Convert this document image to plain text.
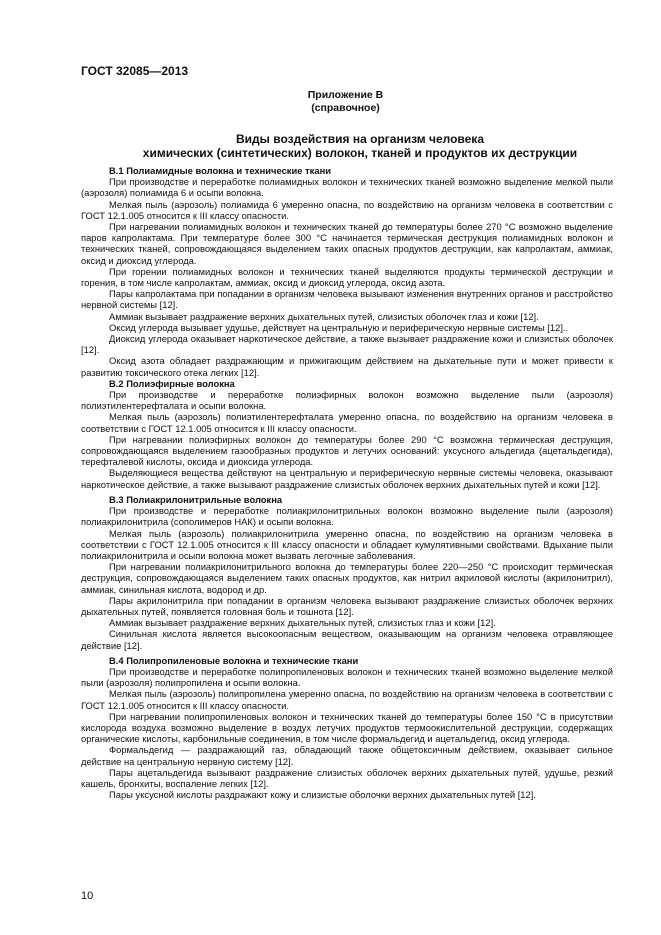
ГОСТ 32085—2013
Приложение В
(справочное)
Виды воздействия на организм человека
химических (синтетических) волокон, тканей и продуктов их деструкции
В.1 Полиамидные волокна и технические ткани

При производстве и переработке полиамидных волокон и технических тканей возможно выделение мелкой пыли (аэрозоля) полиамида 6 и осыпи волокна.

Мелкая пыль (аэрозоль) полиамида 6 умеренно опасна, по воздействию на организм человека в соответствии с ГОСТ 12.1.005 относится к III классу опасности.

При нагревании полиамидных волокон и технических тканей до температуры более 270 °С возможно выделение паров капролактама. При температуре более 300 °С начинается термическая деструкция полиамидных волокон и технических тканей, сопровождающаяся выделением таких опасных продуктов деструкции, как капролактам, аммиак, оксид и диоксид углерода.

При горении полиамидных волокон и технических тканей выделяются продукты термической деструкции и горения, в том числе капролактам, аммиак, оксид и диоксид углерода, оксид азота.

Пары капролактама при попадании в организм человека вызывают изменения внутренних органов и расстройство нервной системы [12].

Аммиак вызывает раздражение верхних дыхательных путей, слизистых оболочек глаз и кожи [12].

Оксид углерода вызывает удушье, действует на центральную и периферическую нервные системы [12]..

Диоксид углерода оказывает наркотическое действие, а также вызывает раздражение кожи и слизистых оболочек [12].

Оксид азота обладает раздражающим и прижигающим действием на дыхательные пути и может привести к развитию токсического отека легких [12].

В.2 Полиэфирные волокна

При производстве и переработке полиэфирных волокон возможно выделение пыли (аэрозоля) полиэтилентерефталата и осыпи волокна.

Мелкая пыль (аэрозоль) полиэтилентерефталата умеренно опасна, по воздействию на организм человека в соответствии с ГОСТ 12.1.005 относится к III классу опасности.

При нагревании полиэфирных волокон до температуры более 290 °С возможна термическая деструкция, сопровождающаяся выделением газообразных продуктов и летучих оснований: уксусного альдегида (ацетальдегида), терефталевой кислоты, оксида и диоксида углерода.

Выделяющиеся вещества действуют на центральную и периферическую нервные системы человека, оказывают наркотическое действие, а также вызывают раздражение слизистых оболочек верхних дыхательных путей и кожи [12].

В.3 Полиакрилонитрильные волокна

При производстве и переработке полиакрилонитрильных волокон возможно выделение пыли (аэрозоля) полиакрилонитрила (сополимеров НАК) и осыпи волокна.

Мелкая пыль (аэрозоль) полиакрилонитрила умеренно опасна, по воздействию на организм человека в соответствии с ГОСТ 12.1.005 относится к III классу опасности и обладает кумулятивными свойствами. Вдыхание пыли полиакрилонитрила и осыпи волокна может вызвать легочные заболевания.

При нагревании полиакрилонитрильного волокна до температуры более 220—250 °С происходит термическая деструкция, сопровождающаяся выделением таких опасных продуктов, как нитрил акриловой кислоты (акрилонитрил), аммиак, синильная кислота, водород и др.

Пары акрилонитрила при попадании в организм человека вызывают раздражение слизистых оболочек верхних дыхательных путей, появляется головная боль и тошнота [12].

Аммиак вызывает раздражение верхних дыхательных путей, слизистых глаз и кожи [12].

Синильная кислота является высокоопасным веществом, оказывающим на организм человека отравляющее действие [12].

В.4 Полипропиленовые волокна и технические ткани

При производстве и переработке полипропиленовых волокон и технических тканей возможно выделение мелкой пыли (аэрозоля) полипропилена и осыпи волокна.

Мелкая пыль (аэрозоль) полипропилена умеренно опасна, по воздействию на организм человека в соответствии с ГОСТ 12.1.005 относится к III классу опасности.

При нагревании полипропиленовых волокон и технических тканей до температуры более 150 °С в присутствии кислорода воздуха возможно выделение в воздух летучих продуктов термоокислительной деструкции, содержащих органические кислоты, карбонильные соединения, в том числе формальдегид и ацетальдегид, оксид углерода.

Формальдегид — раздражающий газ, обладающий также общетоксичным действием, оказывает сильное действие на центральную нервную систему [12].

Пары ацетальдегида вызывают раздражение слизистых оболочек верхних дыхательных путей, удушье, резкий кашель, бронхиты, воспаление легких [12].

Пары уксусной кислоты раздражают кожу и слизистые оболочки верхних дыхательных путей [12].

10
